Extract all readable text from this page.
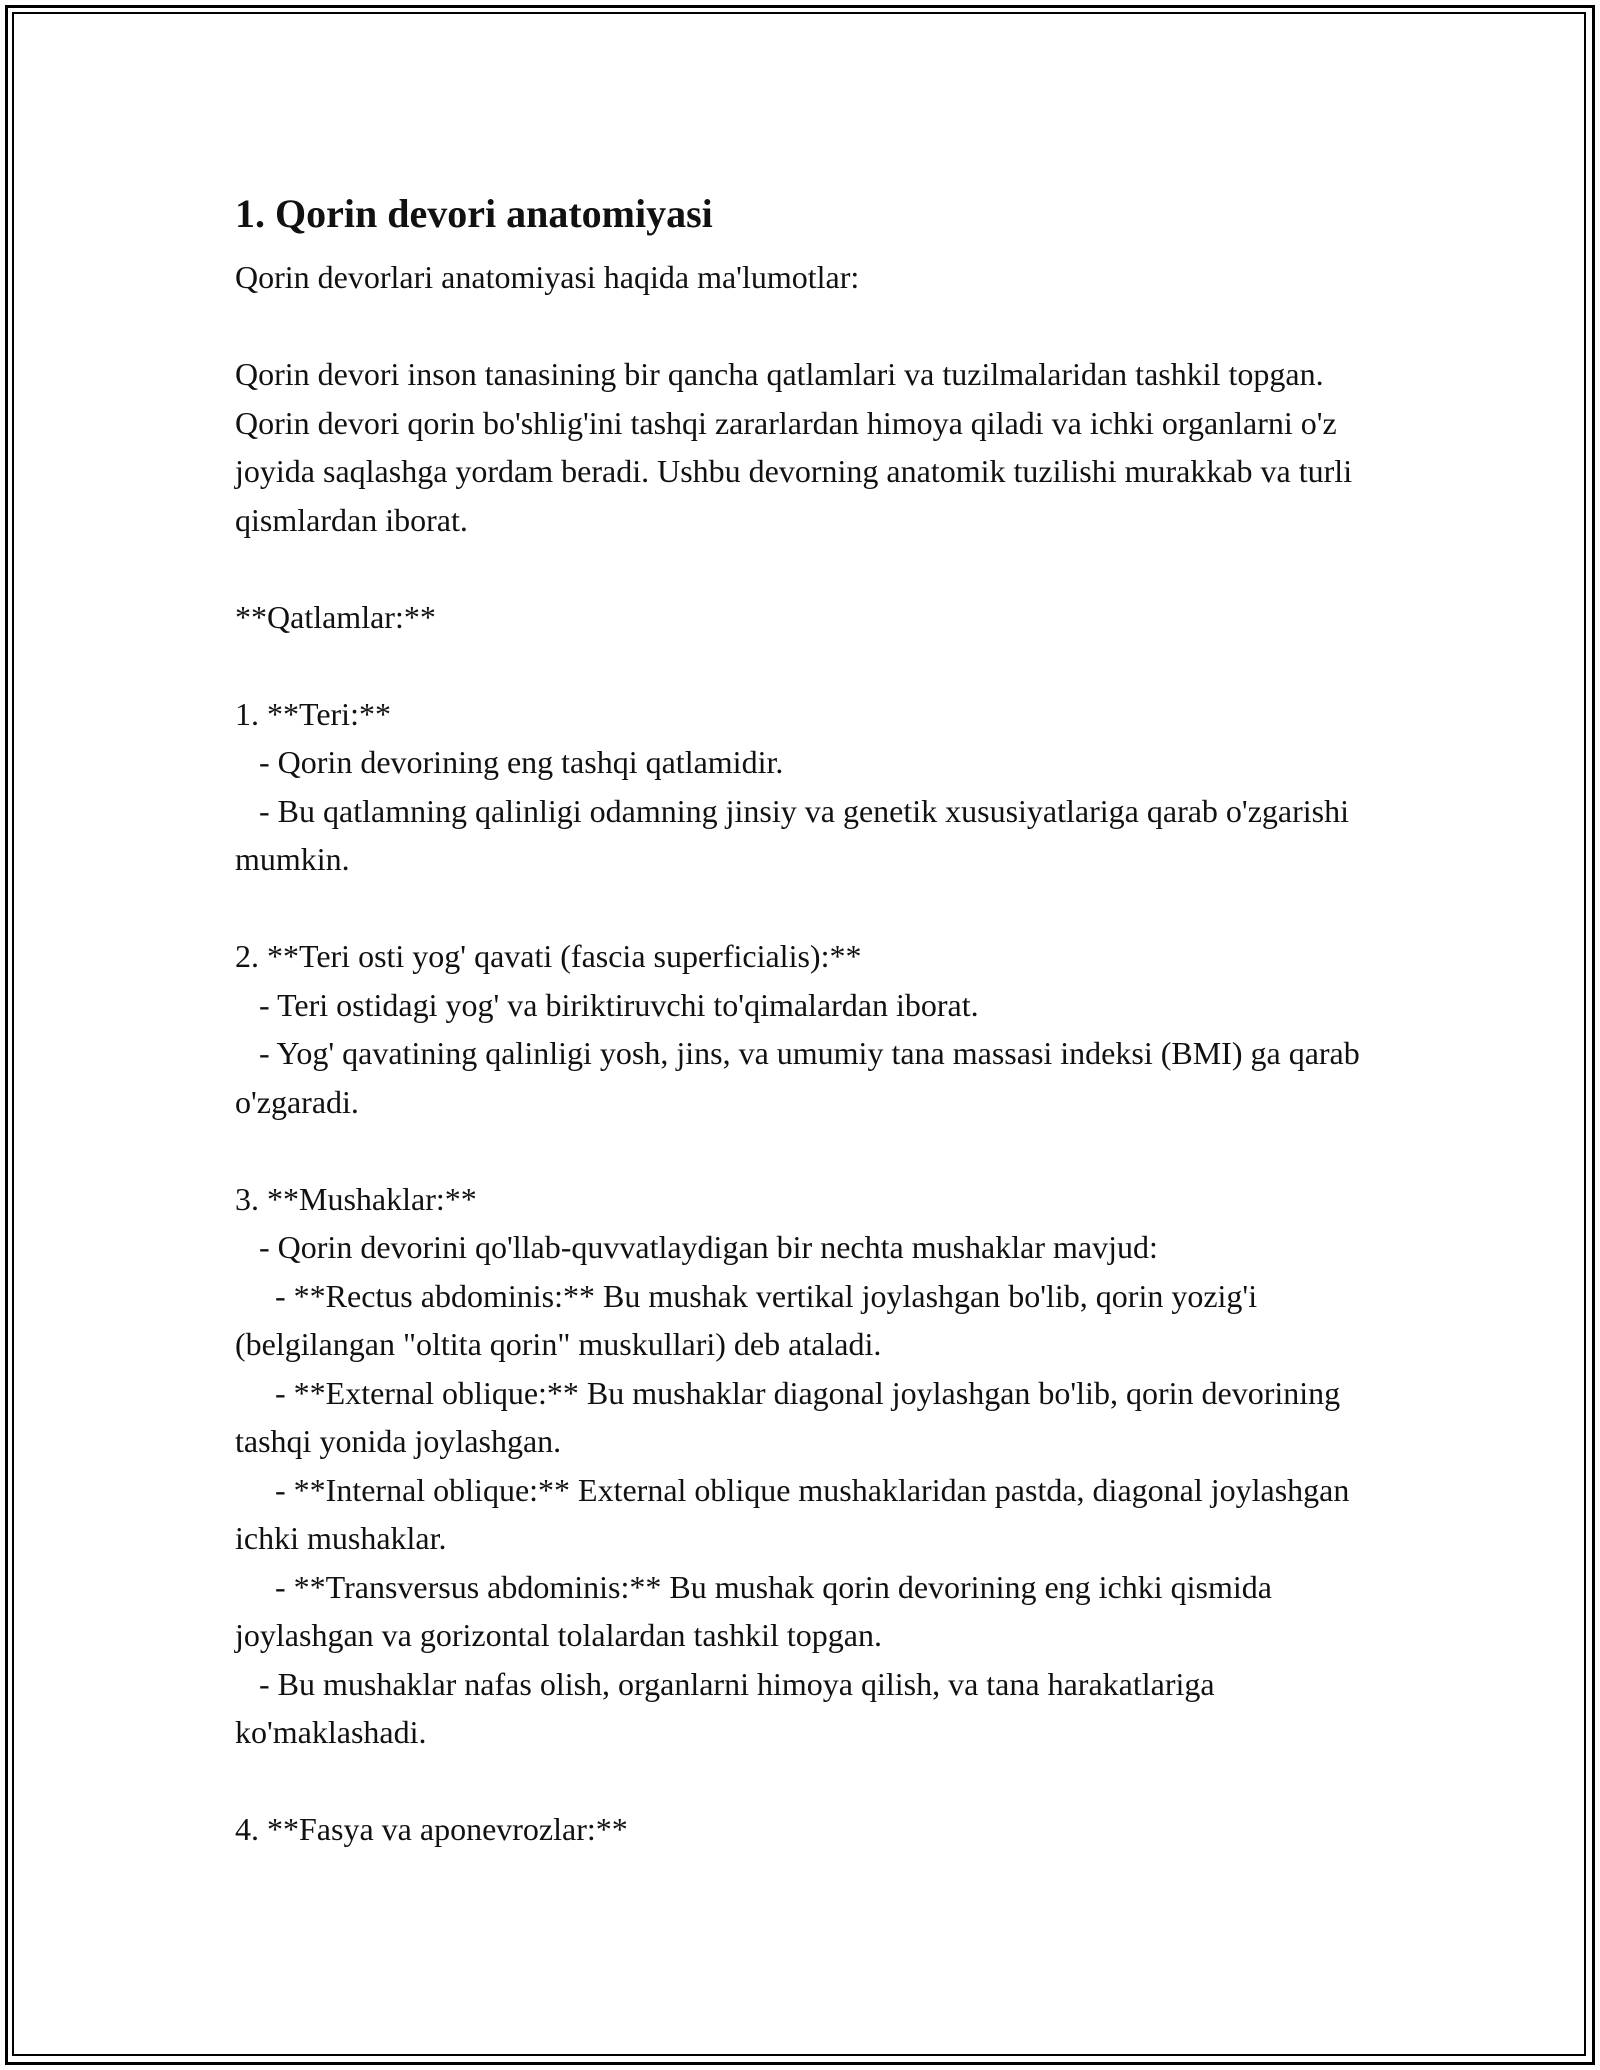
1. Qorin devori anatomiyasi

Qorin devorlari anatomiyasi haqida ma'lumotlar:

Qorin devori inson tanasining bir qancha qatlamlari va tuzilmalaridan tashkil topgan. Qorin devori qorin bo'shlig'ini tashqi zararlardan himoya qiladi va ichki organlarni o'z joyida saqlashga yordam beradi. Ushbu devorning anatomik tuzilishi murakkab va turli qismlardan iborat.

**Qatlamlar:**

1. **Teri:**
- Qorin devorining eng tashqi qatlamidir.
- Bu qatlamning qalinligi odamning jinsiy va genetik xususiyatlariga qarab o'zgarishi mumkin.

2. **Teri osti yog' qavati (fascia superficialis):**
- Teri ostidagi yog' va biriktiruvchi to'qimalardan iborat.
- Yog' qavatining qalinligi yosh, jins, va umumiy tana massasi indeksi (BMI) ga qarab o'zgaradi.

3. **Mushaklar:**
- Qorin devorini qo'llab-quvvatlaydigan bir nechta mushaklar mavjud:
- **Rectus abdominis:** Bu mushak vertikal joylashgan bo'lib, qorin yozig'i (belgilangan "oltita qorin" muskullari) deb ataladi.
- **External oblique:** Bu mushaklar diagonal joylashgan bo'lib, qorin devorining tashqi yonida joylashgan.
- **Internal oblique:** External oblique mushaklaridan pastda, diagonal joylashgan ichki mushaklar.
- **Transversus abdominis:** Bu mushak qorin devorining eng ichki qismida joylashgan va gorizontal tolalardan tashkil topgan.
- Bu mushaklar nafas olish, organlarni himoya qilish, va tana harakatlariga ko'maklashadi.

4. **Fasya va aponevrozlar:**
